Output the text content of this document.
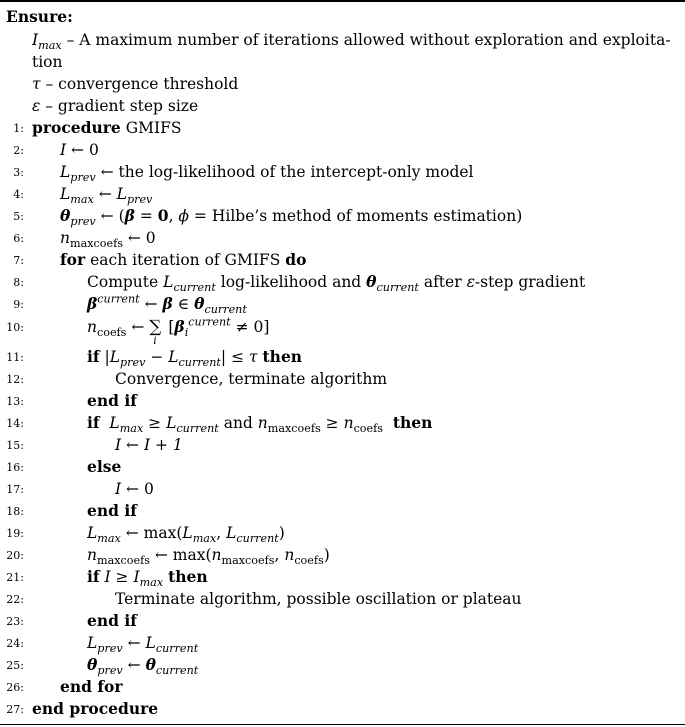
Ensure:
$I_{max}$ – A maximum number of iterations allowed without exploration and exploita-
tion
τ – convergence threshold
ε – gradient step size
1: procedure GMIFS
2: I ← 0
3: $L_{prev}$ ← the log-likelihood of the intercept-only model
4: $L_{max}$ ← $L_{prev}$
5: $\theta_{prev}$ ← (β = 0, ϕ = Hilbe’s method of moments estimation)
6: $n_{maxcoefs}$ ← 0
7: for each iteration of GMIFS do
8:	Compute $L_{current}$ log-likelihood and $\theta_{current}$ after ε-step gradient
9:	$\beta^{current}$ ← β ∈ $\theta_{current}$
10:	$n_{coefs}$ ← ∑
i
$[\beta_i^{current} \ne 0]$
11:	if $|L_{prev} - L_{current}| \le \tau$ then
12:	Convergence, terminate algorithm
13:	end if
14:	if $L_{max} \ge L_{current}$ and $n_{maxcoefs} \ge n_{coefs}$ then
15:	I ← I + 1
16:	else
17:	I ← 0
18:	end if
19:	$L_{max}$ ← $\max(L_{max}$, $L_{current}$)
20:	$n_{maxcoefs}$ ← $\max(n_{maxcoefs}$, $n_{coefs}$)
21:	if $I \ge I_{max}$ then
22:	Terminate algorithm, possible oscillation or plateau
23:	end if
24:	$L_{prev}$ ← $L_{current}$
25:	$\theta_{prev}$ ← $\theta_{current}$
26: end for
27: end procedure
